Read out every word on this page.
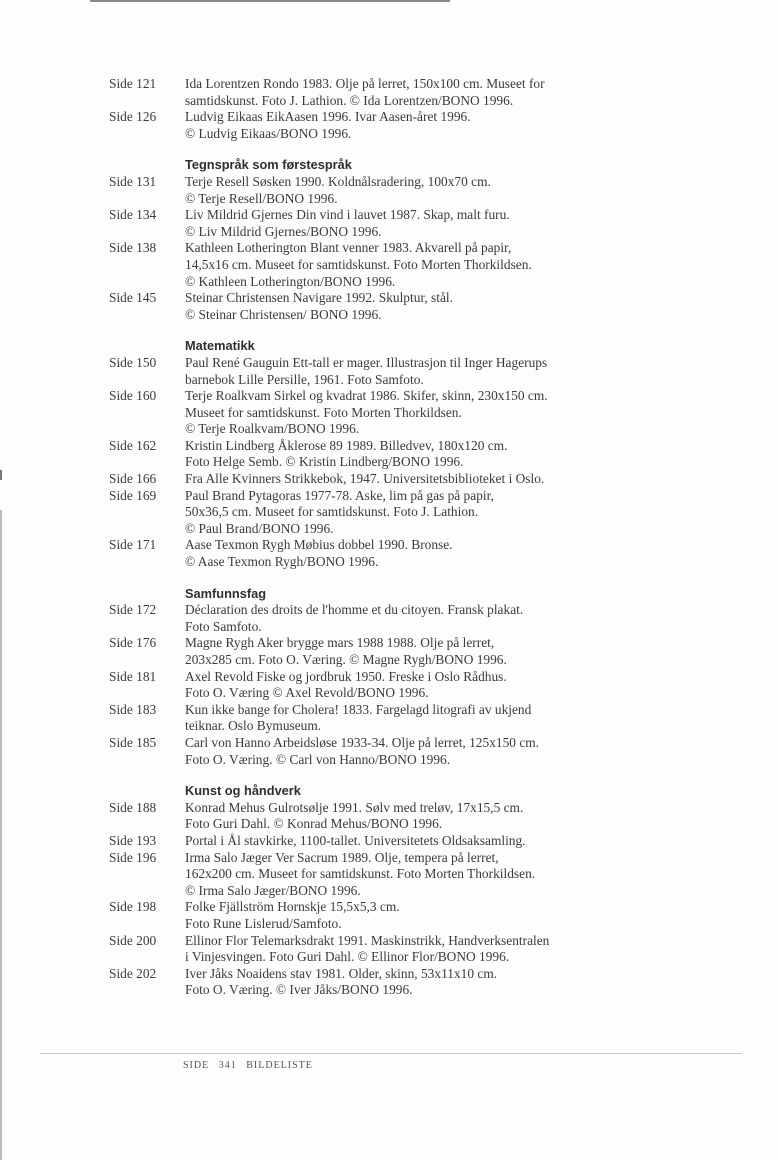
Side 121 Ida Lorentzen Rondo 1983. Olje på lerret, 150x100 cm. Museet for
samtidskunst. Foto J. Lathion. © Ida Lorentzen/BONO 1996.
Side 126 Ludvig Eikaas EikAasen 1996. Ivar Aasen-året 1996.
© Ludvig Eikaas/BONO 1996.
Tegnspråk som førstespråk
Side 131 Terje Resell Søsken 1990. Koldnålsradering, 100x70 cm.
© Terje Resell/BONO 1996.
Side 134 Liv Mildrid Gjernes Din vind i lauvet 1987. Skap, malt furu.
© Liv Mildrid Gjernes/BONO 1996.
Side 138 Kathleen Lotherington Blant venner 1983. Akvarell på papir,
14,5x16 cm. Museet for samtidskunst. Foto Morten Thorkildsen.
© Kathleen Lotherington/BONO 1996.
Side 145 Steinar Christensen Navigare 1992. Skulptur, stål.
© Steinar Christensen/ BONO 1996.
Matematikk
Side 150 Paul René Gauguin Ett-tall er mager. Illustrasjon til Inger Hagerups
barnebok Lille Persille, 1961. Foto Samfoto.
Side 160 Terje Roalkvam Sirkel og kvadrat 1986. Skifer, skinn, 230x150 cm.
Museet for samtidskunst. Foto Morten Thorkildsen.
© Terje Roalkvam/BONO 1996.
Side 162 Kristin Lindberg Åklerose 89 1989. Billedvev, 180x120 cm.
Foto Helge Semb. © Kristin Lindberg/BONO 1996.
Side 166 Fra Alle Kvinners Strikkebok, 1947. Universitetsbiblioteket i Oslo.
Side 169 Paul Brand Pytagoras 1977-78. Aske, lim på gas på papir,
50x36,5 cm. Museet for samtidskunst. Foto J. Lathion.
© Paul Brand/BONO 1996.
Side 171 Aase Texmon Rygh Møbius dobbel 1990. Bronse.
© Aase Texmon Rygh/BONO 1996.
Samfunnsfag
Side 172 Déclaration des droits de l'homme et du citoyen. Fransk plakat.
Foto Samfoto.
Side 176 Magne Rygh Aker brygge mars 1988 1988. Olje på lerret,
203x285 cm. Foto O. Væring. © Magne Rygh/BONO 1996.
Side 181 Axel Revold Fiske og jordbruk 1950. Freske i Oslo Rådhus.
Foto O. Væring © Axel Revold/BONO 1996.
Side 183 Kun ikke bange for Cholera! 1833. Fargelagd litografi av ukjend
teiknar. Oslo Bymuseum.
Side 185 Carl von Hanno Arbeidsløse 1933-34. Olje på lerret, 125x150 cm.
Foto O. Væring. © Carl von Hanno/BONO 1996.
Kunst og håndverk
Side 188 Konrad Mehus Gulrotsølje 1991. Sølv med treløv, 17x15,5 cm.
Foto Guri Dahl. © Konrad Mehus/BONO 1996.
Side 193 Portal i Ål stavkirke, 1100-tallet. Universitetets Oldsaksamling.
Side 196 Irma Salo Jæger Ver Sacrum 1989. Olje, tempera på lerret,
162x200 cm. Museet for samtidskunst. Foto Morten Thorkildsen.
© Irma Salo Jæger/BONO 1996.
Side 198 Folke Fjällström Hornskje 15,5x5,3 cm.
Foto Rune Lislerud/Samfoto.
Side 200 Ellinor Flor Telemarksdrakt 1991. Maskinstrikk, Handverksentralen
i Vinjesvingen. Foto Guri Dahl. © Ellinor Flor/BONO 1996.
Side 202 Iver Jåks Noaidens stav 1981. Older, skinn, 53x11x10 cm.
Foto O. Væring. © Iver Jåks/BONO 1996.
SIDE 341 BILDELISTE
